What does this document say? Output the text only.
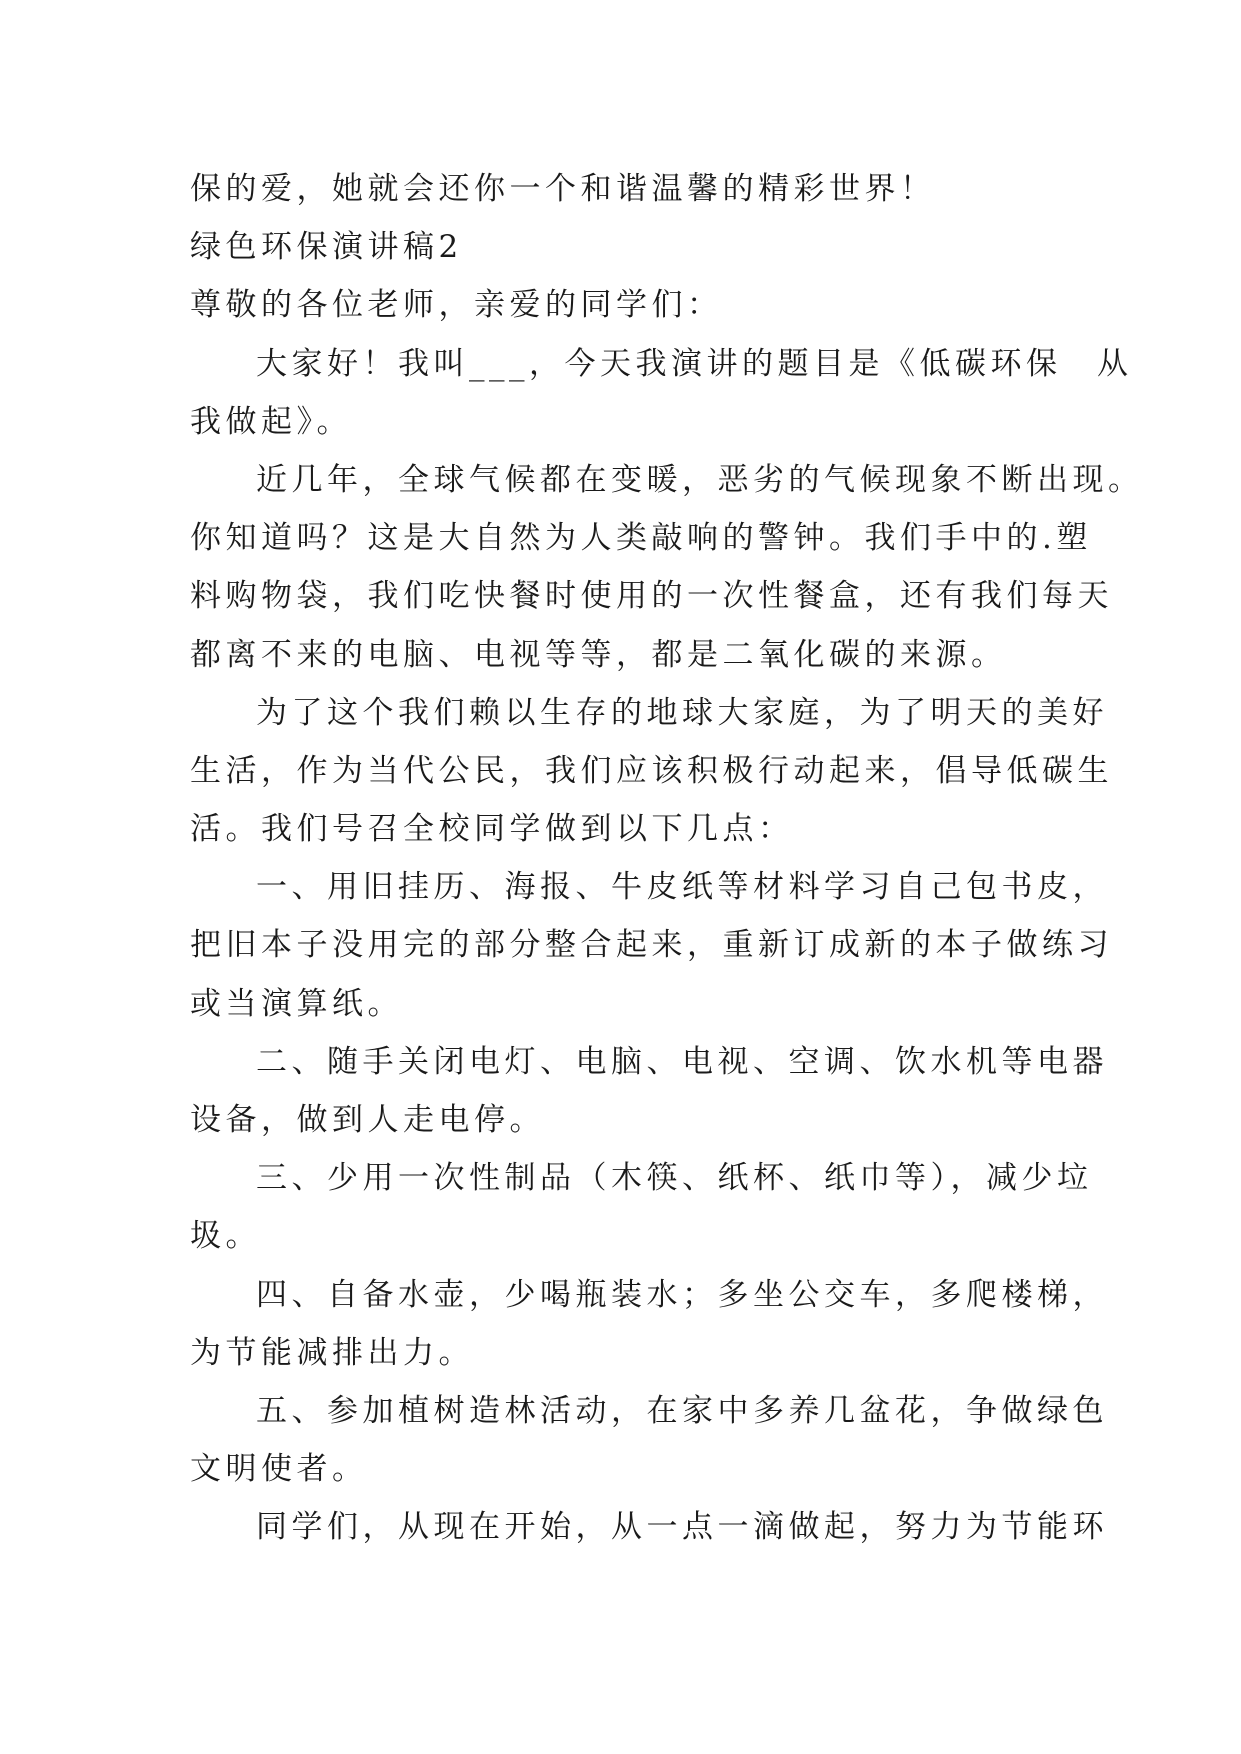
保的爱，她就会还你一个和谐温馨的精彩世界！
绿色环保演讲稿2
尊敬的各位老师，亲爱的同学们：
大家好！我叫___，今天我演讲的题目是《低碳环保　从
我做起》。
近几年，全球气候都在变暖，恶劣的气候现象不断出现。
你知道吗？这是大自然为人类敲响的警钟。我们手中的.塑
料购物袋，我们吃快餐时使用的一次性餐盒，还有我们每天
都离不来的电脑、电视等等，都是二氧化碳的来源。
为了这个我们赖以生存的地球大家庭，为了明天的美好
生活，作为当代公民，我们应该积极行动起来，倡导低碳生
活。我们号召全校同学做到以下几点：
一、用旧挂历、海报、牛皮纸等材料学习自己包书皮，
把旧本子没用完的部分整合起来，重新订成新的本子做练习
或当演算纸。
二、随手关闭电灯、电脑、电视、空调、饮水机等电器
设备，做到人走电停。
三、少用一次性制品（木筷、纸杯、纸巾等），减少垃
圾。
四、自备水壶，少喝瓶装水；多坐公交车，多爬楼梯，
为节能减排出力。
五、参加植树造林活动，在家中多养几盆花，争做绿色
文明使者。
同学们，从现在开始，从一点一滴做起，努力为节能环
